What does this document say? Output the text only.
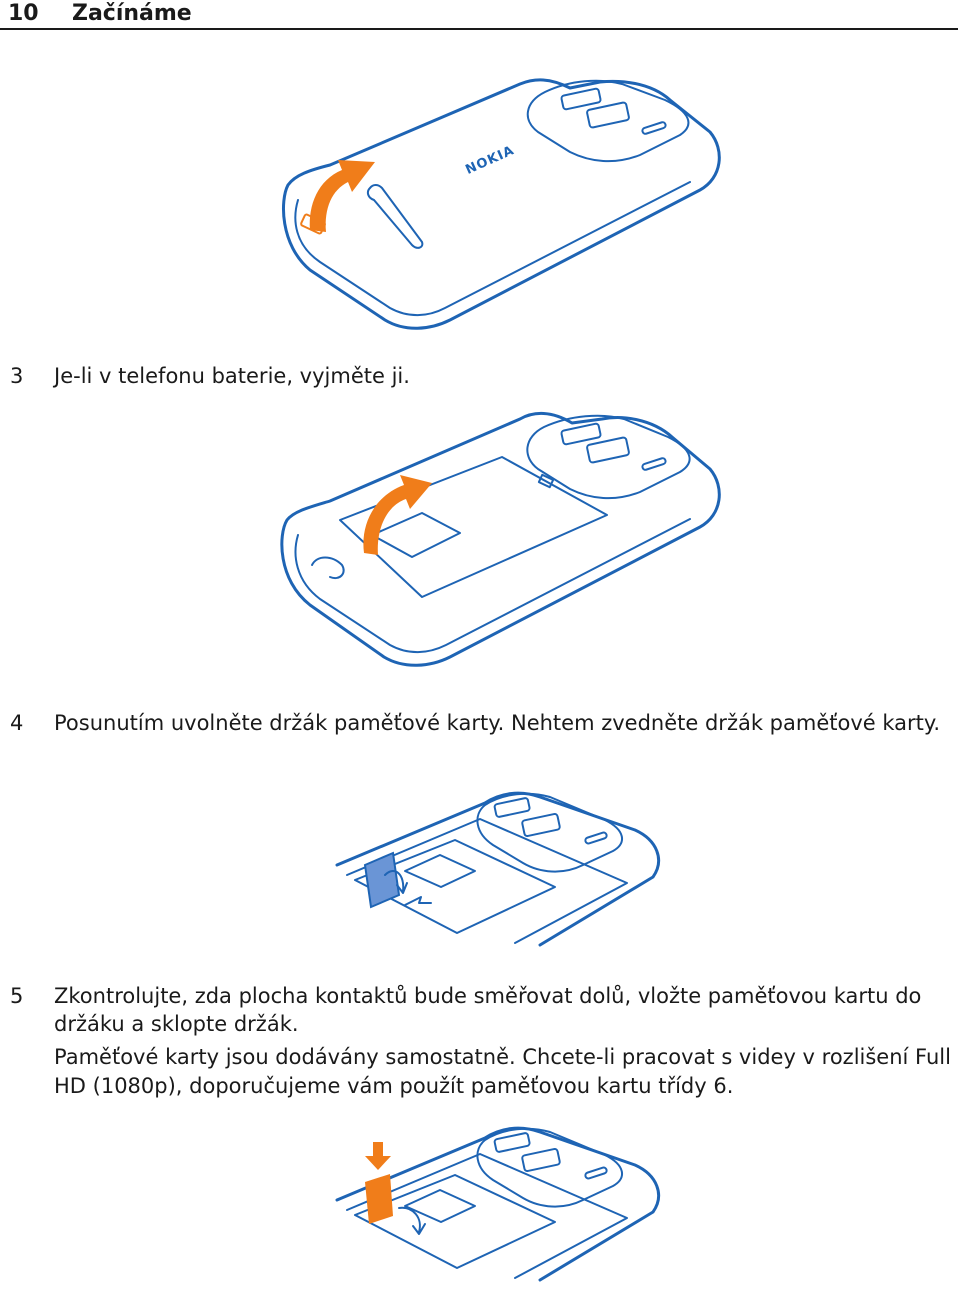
10 Začínáme
NOKIA
3 Je-li v telefonu baterie, vyjměte ji.
4 Posunutím uvolněte držák paměťové karty. Nehtem zvedněte držák paměťové karty.
5 Zkontrolujte, zda plocha kontaktů bude směřovat dolů, vložte paměťovou kartu do držáku a sklopte držák.
Paměťové karty jsou dodávány samostatně. Chcete-li pracovat s videy v rozlišení Full HD (1080p), doporučujeme vám použít paměťovou kartu třídy 6.
